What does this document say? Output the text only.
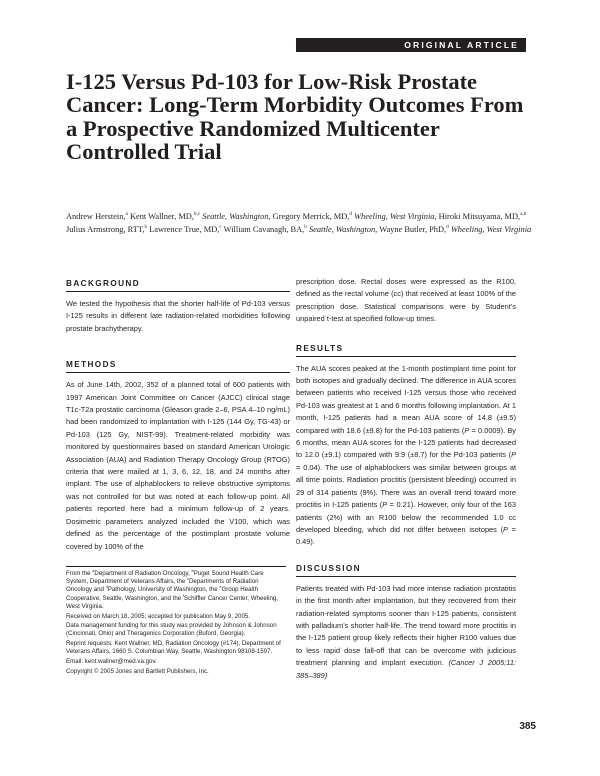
ORIGINAL ARTICLE
I-125 Versus Pd-103 for Low-Risk Prostate Cancer: Long-Term Morbidity Outcomes From a Prospective Randomized Multicenter Controlled Trial

Andrew Herstein,$^a$ Kent Wallner, MD,$^{b,c}$ Seattle, Washington, Gregory Merrick, MD,$^d$ Wheeling, West Virginia, Hiroki Mitsuyama, MD,$^{a,b}$ Julius Armstrong, RTT,$^b$ Lawrence True, MD,$^c$ William Cavanagh, BA,$^b$ Seattle, Washington, Wayne Butler, PhD,$^d$ Wheeling, West Virginia

BACKGROUND

We tested the hypothesis that the shorter half-life of Pd-103 versus I-125 results in different late radiation-related morbidities following prostate brachytherapy.

METHODS

As of June 14th, 2002, 352 of a planned total of 600 patients with 1997 American Joint Committee on Cancer (AJCC) clinical stage T1c-T2a prostatic carcinoma (Gleason grade 2–6, PSA 4–10 ng/mL) had been randomized to implantation with I-125 (144 Gy, TG-43) or Pd-103 (125 Gy, NIST-99). Treatment-related morbidity was monitored by questionnaires based on standard American Urologic Association (AUA) and Radiation Therapy Oncology Group (RTOG) criteria that were mailed at 1, 3, 6, 12, 18, and 24 months after implant. The use of alphablockers to relieve obstructive symptoms was not controlled for but was noted at each follow-up point. All patients reported here had a minimum follow-up of 2 years. Dosimetric parameters analyzed included the V100, which was defined as the percentage of the postimplant prostate volume covered by 100% of the

From the $^a$Department of Radiation Oncology, $^b$Puget Sound Health Care System, Department of Veterans Affairs, the $^c$Departments of Radiation Oncology and $^d$Pathology, University of Washington, the $^e$Group Health Cooperative, Seattle, Washington, and the $^f$Schiffler Cancer Center, Wheeling, West Virginia.

Received on March 18, 2005; accepted for publication May 9, 2005.

Data management funding for this study was provided by Johnson & Johnson (Cincinnati, Ohio) and Theragenics Corporation (Buford, Georgia).

Reprint requests: Kent Wallner, MD, Radiation Oncology (#174), Department of Veterans Affairs, 1660 S. Columbian Way, Seattle, Washington 98108-1597.

Email: kent.wallner@med.va.gov.

Copyright © 2005 Jones and Bartlett Publishers, Inc.

prescription dose. Rectal doses were expressed as the R100, defined as the rectal volume (cc) that received at least 100% of the prescription dose. Statistical comparisons were by Student’s unpaired t-test at specified follow-up times.

RESULTS

The AUA scores peaked at the 1-month postimplant time point for both isotopes and gradually declined. The difference in AUA scores between patients who received I-125 versus those who received Pd-103 was greatest at 1 and 6 months following implantation. At 1 month, I-125 patients had a mean AUA score of 14.8 (±9.5) compared with 18.6 (±9.8) for the Pd-103 patients (P = 0.0009). By 6 months, mean AUA scores for the I-125 patients had decreased to 12.0 (±9.1) compared with 9.9 (±8.7) for the Pd-103 patients (P = 0.04). The use of alphablockers was similar between groups at all time points. Radiation proctitis (persistent bleeding) occurred in 29 of 314 patients (9%). There was an overall trend toward more proctitis in I-125 patients (P = 0.21). However, only four of the 163 patients (2%) with an R100 below the recommended 1.0 cc developed bleeding, which did not differ between isotopes (P = 0.49).

DISCUSSION

Patients treated with Pd-103 had more intense radiation prostatitis in the first month after implantation, but they recovered from their radiation-related symptoms sooner than I-125 patients, consistent with palladium’s shorter half-life. The trend toward more proctitis in the I-125 patient group likely reflects their higher R100 values due to less rapid dose fall-off that can be overcome with judicious treatment planning and implant execution. (Cancer J 2005;11: 385–389)

385
